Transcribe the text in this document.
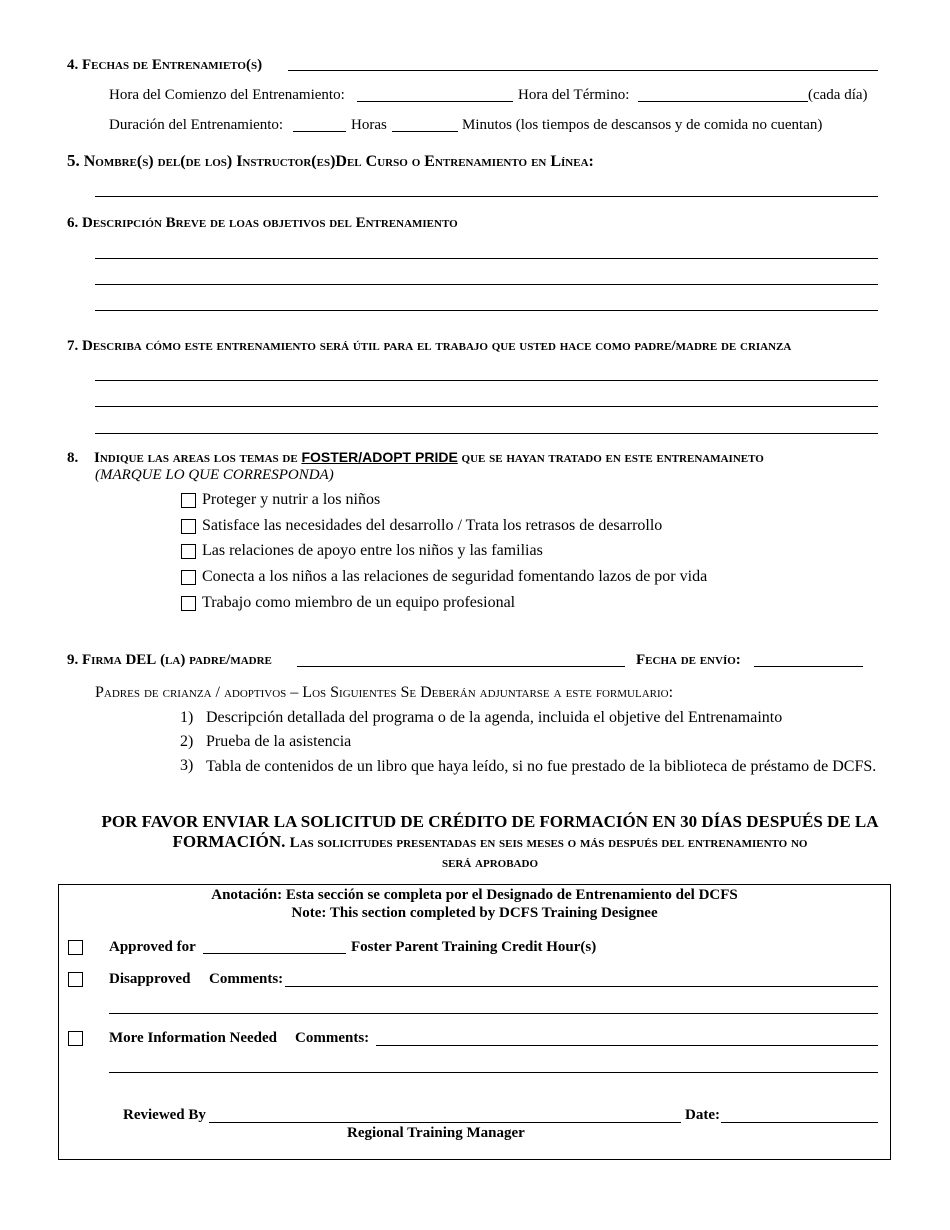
4. Fechas de Entrenamieto(s)
Hora del Comienzo del Entrenamiento:	Hora del Término:	(cada día)
Duración del Entrenamiento:	Horas	Minutos (los tiempos de descansos y de comida no cuentan)
5. Nombre(s) del(de los) Instructor(es)Del Curso o Entrenamiento en Línea:
6. Descripción Breve de loas objetivos del Entrenamiento
7. Describa cómo este entrenamiento será útil para el trabajo que usted hace como padre/madre de crianza
8. Indique las areas los temas de FOSTER/ADOPT PRIDE que se hayan tratado en este entrenamaineto
(MARQUE LO QUE CORRESPONDA)
Proteger y nutrir a los niños
Satisface las necesidades del desarrollo / Trata los retrasos de desarrollo
Las relaciones de apoyo entre los niños y las familias
Conecta a los niños a las relaciones de seguridad fomentando lazos de por vida
Trabajo como miembro de un equipo profesional
9. Firma DEL (la) padre/madre	Fecha de envío:
Padres de crianza / adoptivos – Los Siguientes Se Deberán adjuntarse a este formulario:
1) Descripción detallada del programa o de la agenda, incluida el objetive del Entrenamainto
2) Prueba de la asistencia
3) Tabla de contenidos de un libro que haya leído, si no fue prestado de la biblioteca de préstamo de DCFS.
POR FAVOR ENVIAR LA SOLICITUD DE CRÉDITO DE FORMACIÓN EN 30 DÍAS DESPUÉS DE LA
FORMACIÓN. Las solicitudes presentadas en seis meses o más después del entrenamiento no
será aprobado
Anotación: Esta sección se completa por el Designado de Entrenamiento del DCFS
Note: This section completed by DCFS Training Designee
Approved for	Foster Parent Training Credit Hour(s)
Disapproved Comments:
More Information Needed Comments:
Reviewed By	Date:
Regional Training Manager
